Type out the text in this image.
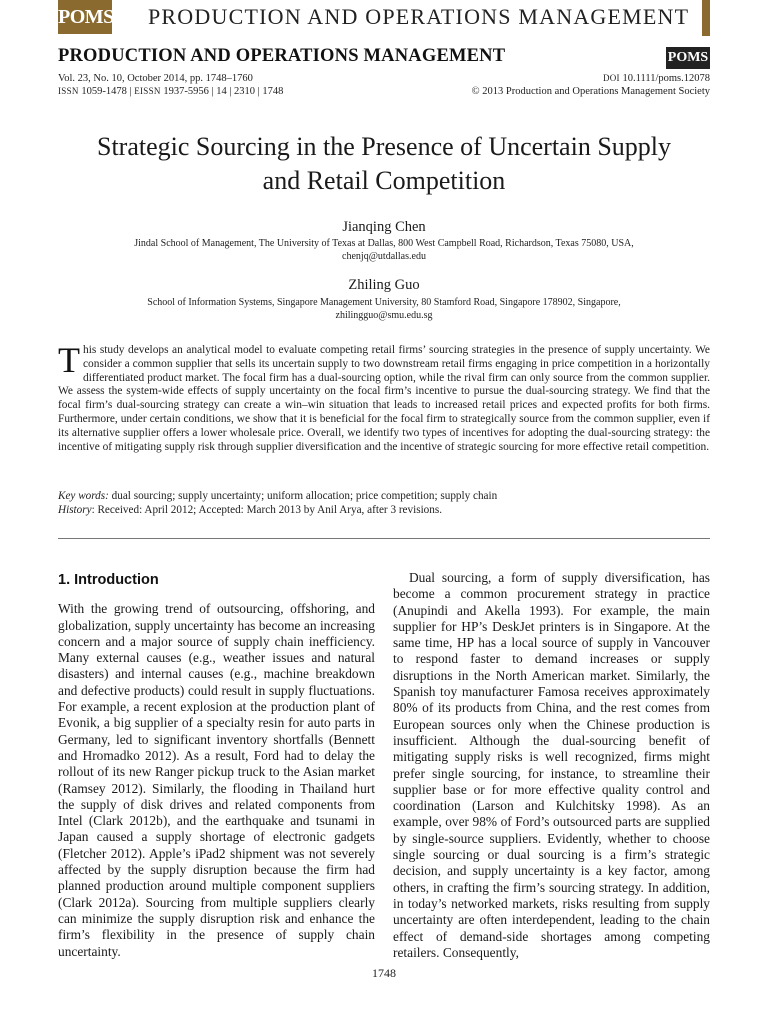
POMS PRODUCTION AND OPERATIONS MANAGEMENT
PRODUCTION AND OPERATIONS MANAGEMENT	POMS
Vol. 23, No. 10, October 2014, pp. 1748–1760
ISSN 1059-1478 | EISSN 1937-5956 | 14 | 2310 | 1748
DOI 10.1111/poms.12078
© 2013 Production and Operations Management Society
Strategic Sourcing in the Presence of Uncertain Supply
and Retail Competition
Jianqing Chen
Jindal School of Management, The University of Texas at Dallas, 800 West Campbell Road, Richardson, Texas 75080, USA,
chenjq@utdallas.edu
Zhiling Guo
School of Information Systems, Singapore Management University, 80 Stamford Road, Singapore 178902, Singapore,
zhilingguo@smu.edu.sg
This study develops an analytical model to evaluate competing retail firms’ sourcing strategies in the presence of supply uncertainty. We consider a common supplier that sells its uncertain supply to two downstream retail firms engaging in price competition in a horizontally differentiated product market. The focal firm has a dual-sourcing option, while the rival firm can only source from the common supplier. We assess the system-wide effects of supply uncertainty on the focal firm’s incentive to pursue the dual-sourcing strategy. We find that the focal firm’s dual-sourcing strategy can create a win–win situation that leads to increased retail prices and expected profits for both firms. Furthermore, under certain conditions, we show that it is beneficial for the focal firm to strategically source from the common supplier, even if its alternative supplier offers a lower wholesale price. Overall, we identify two types of incentives for adopting the dual-sourcing strategy: the incentive of mitigating supply risk through supplier diversification and the incentive of strategic sourcing for more effective retail competition.
Key words: dual sourcing; supply uncertainty; uniform allocation; price competition; supply chain
History: Received: April 2012; Accepted: March 2013 by Anil Arya, after 3 revisions.
1. Introduction
With the growing trend of outsourcing, offshoring, and globalization, supply uncertainty has become an increasing concern and a major source of supply chain inefficiency. Many external causes (e.g., weather issues and natural disasters) and internal causes (e.g., machine breakdown and defective products) could result in supply fluctuations. For example, a recent explosion at the production plant of Evonik, a big supplier of a specialty resin for auto parts in Germany, led to significant inventory shortfalls (Bennett and Hromadko 2012). As a result, Ford had to delay the rollout of its new Ranger pickup truck to the Asian market (Ramsey 2012). Similarly, the flooding in Thailand hurt the supply of disk drives and related components from Intel (Clark 2012b), and the earthquake and tsunami in Japan caused a supply shortage of electronic gadgets (Fletcher 2012). Apple’s iPad2 shipment was not severely affected by the supply disruption because the firm had planned production around multiple component suppliers (Clark 2012a). Sourcing from multiple suppliers clearly can minimize the supply disruption risk and enhance the firm’s flexibility in the presence of supply chain uncertainty.
Dual sourcing, a form of supply diversification, has become a common procurement strategy in practice (Anupindi and Akella 1993). For example, the main supplier for HP’s DeskJet printers is in Singapore. At the same time, HP has a local source of supply in Vancouver to respond faster to demand increases or supply disruptions in the North American market. Similarly, the Spanish toy manufacturer Famosa receives approximately 80% of its products from China, and the rest comes from European sources only when the Chinese production is insufficient. Although the dual-sourcing benefit of mitigating supply risks is well recognized, firms might prefer single sourcing, for instance, to streamline their supplier base or for more effective quality control and coordination (Larson and Kulchitsky 1998). As an example, over 98% of Ford’s outsourced parts are supplied by single-source suppliers. Evidently, whether to choose single sourcing or dual sourcing is a firm’s strategic decision, and supply uncertainty is a key factor, among others, in crafting the firm’s sourcing strategy. In addition, in today’s networked markets, risks resulting from supply uncertainty are often interdependent, leading to the chain effect of demand-side shortages among competing retailers. Consequently,
1748
